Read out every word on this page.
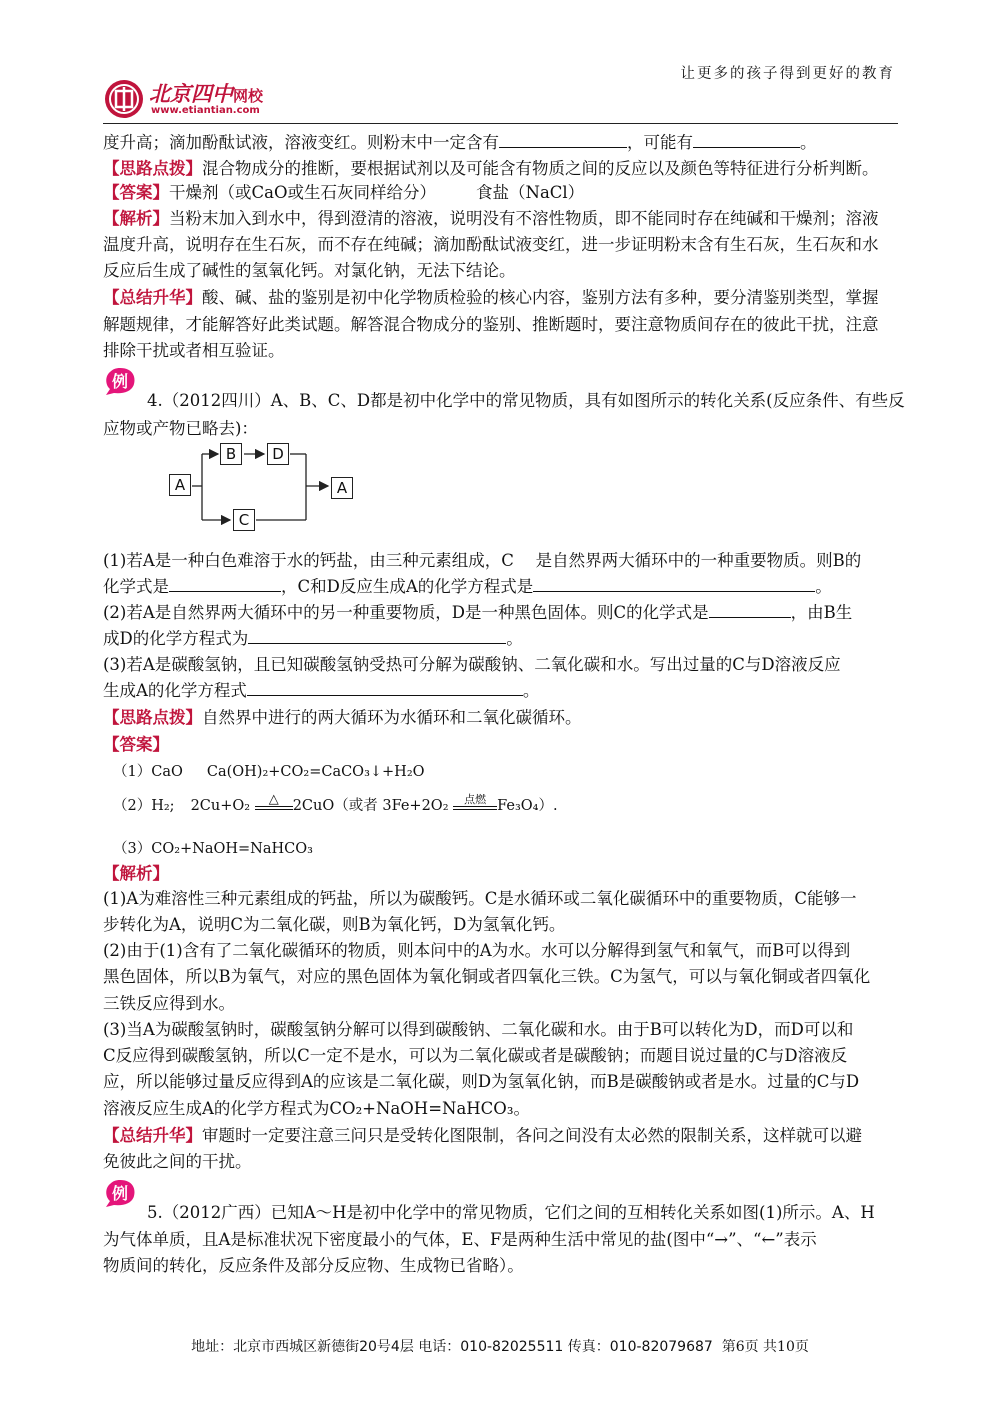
让更多的孩子得到更好的教育
北京四中网校
www.etiantian.com
度升高；滴加酚酞试液，溶液变红。则粉末中一定含有	，可能有	。
【思路点拨】混合物成分的推断，要根据试剂以及可能含有物质之间的反应以及颜色等特征进行分析判断。
【答案】干燥剂（或CaO或生石灰同样给分） 食盐（NaCl）
【解析】当粉末加入到水中，得到澄清的溶液，说明没有不溶性物质，即不能同时存在纯碱和干燥剂；溶液
温度升高，说明存在生石灰，而不存在纯碱；滴加酚酞试液变红，进一步证明粉末含有生石灰，生石灰和水
反应后生成了碱性的氢氧化钙。对氯化钠，无法下结论。
【总结升华】酸、碱、盐的鉴别是初中化学物质检验的核心内容，鉴别方法有多种，要分清鉴别类型，掌握
解题规律，才能解答好此类试题。解答混合物成分的鉴别、推断题时，要注意物质间存在的彼此干扰，注意
排除干扰或者相互验证。
例
4.（2012四川）A、B、C、D都是初中化学中的常见物质，具有如图所示的转化关系(反应条件、有些反
应物或产物已略去)：
A
B	D
C
A
(1)若A是一种白色难溶于水的钙盐，由三种元素组成，C　 是自然界两大循环中的一种重要物质。则B的
化学式是	，C和D反应生成A的化学方程式是	。
(2)若A是自然界两大循环中的另一种重要物质，D是一种黑色固体。则C的化学式是	，由B生
成D的化学方程式为	。
(3)若A是碳酸氢钠，且已知碳酸氢钠受热可分解为碳酸钠、二氧化碳和水。写出过量的C与D溶液反应
生成A的化学方程式	。
【思路点拨】自然界中进行的两大循环为水循环和二氧化碳循环。
【答案】
（1）CaO Ca(OH)₂+CO₂=CaCO₃↓+H₂O
（2）H₂; 2Cu+O₂	△ 2CuO（或者 3Fe+2O₂	点燃 Fe₃O₄）.
（3）CO₂+NaOH=NaHCO₃
【解析】
(1)A为难溶性三种元素组成的钙盐，所以为碳酸钙。C是水循环或二氧化碳循环中的重要物质，C能够一
步转化为A，说明C为二氧化碳，则B为氧化钙，D为氢氧化钙。
(2)由于(1)含有了二氧化碳循环的物质，则本问中的A为水。水可以分解得到氢气和氧气，而B可以得到
黑色固体，所以B为氧气，对应的黑色固体为氧化铜或者四氧化三铁。C为氢气，可以与氧化铜或者四氧化
三铁反应得到水。
(3)当A为碳酸氢钠时，碳酸氢钠分解可以得到碳酸钠、二氧化碳和水。由于B可以转化为D，而D可以和
C反应得到碳酸氢钠，所以C一定不是水，可以为二氧化碳或者是碳酸钠；而题目说过量的C与D溶液反
应，所以能够过量反应得到A的应该是二氧化碳，则D为氢氧化钠，而B是碳酸钠或者是水。过量的C与D
溶液反应生成A的化学方程式为CO₂+NaOH=NaHCO₃。
【总结升华】审题时一定要注意三问只是受转化图限制，各问之间没有太必然的限制关系，这样就可以避
免彼此之间的干扰。
例
5.（2012广西）已知A～H是初中化学中的常见物质，它们之间的互相转化关系如图(1)所示。A、H
为气体单质，且A是标准状况下密度最小的气体，E、F是两种生活中常见的盐(图中“→”、“←”表示
物质间的转化，反应条件及部分反应物、生成物已省略）。
地址：北京市西城区新德街20号4层 电话：010-82025511 传真：010-82079687 第6页 共10页
